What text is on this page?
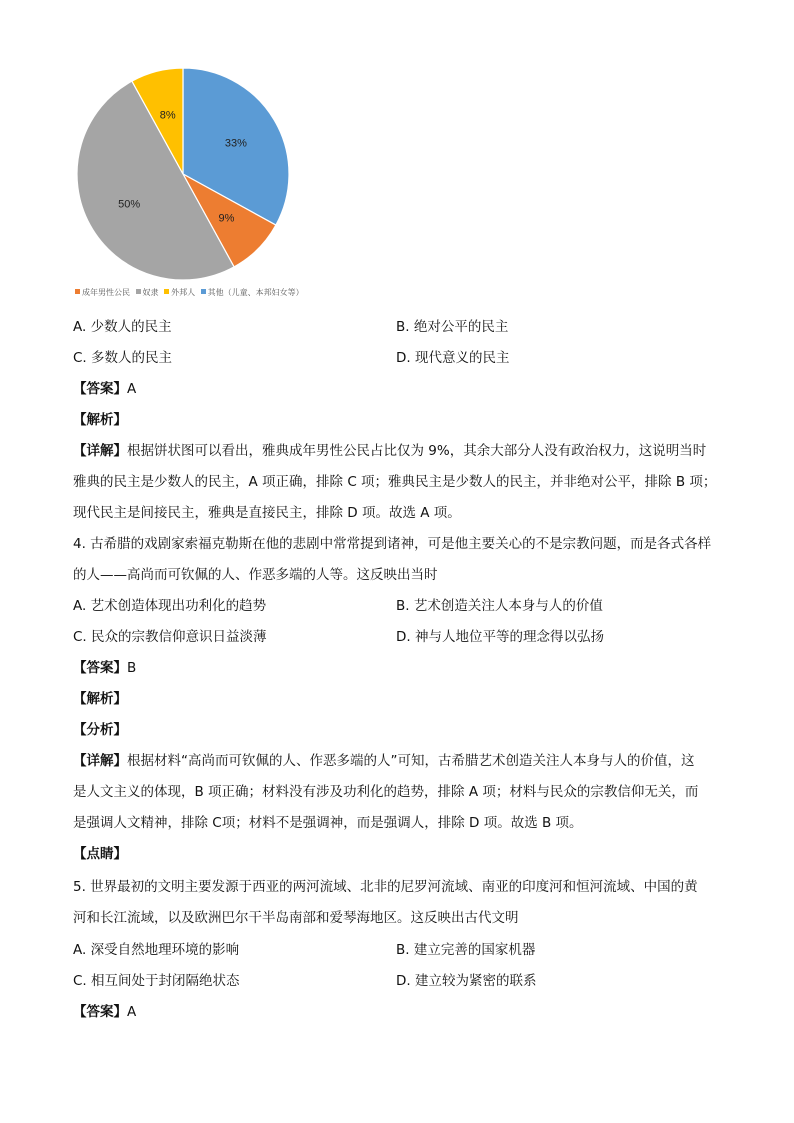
33%
9%
50%
8%
成年男性公民 奴隶 外邦人 其他（儿童、本邦妇女等）
A. 少数人的民主	B. 绝对公平的民主
C. 多数人的民主	D. 现代意义的民主
【答案】A
【解析】
【详解】根据饼状图可以看出，雅典成年男性公民占比仅为 9%，其余大部分人没有政治权力，这说明当时
雅典的民主是少数人的民主，A 项正确，排除 C 项；雅典民主是少数人的民主，并非绝对公平，排除 B 项；
现代民主是间接民主，雅典是直接民主，排除 D 项。故选 A 项。
4. 古希腊的戏剧家索福克勒斯在他的悲剧中常常提到诸神，可是他主要关心的不是宗教问题，而是各式各样
的人——高尚而可钦佩的人、作恶多端的人等。这反映出当时
A. 艺术创造体现出功利化的趋势	B. 艺术创造关注人本身与人的价值
C. 民众的宗教信仰意识日益淡薄	D. 神与人地位平等的理念得以弘扬
【答案】B
【解析】
【分析】
【详解】根据材料“高尚而可钦佩的人、作恶多端的人”可知，古希腊艺术创造关注人本身与人的价值，这
是人文主义的体现，B 项正确；材料没有涉及功利化的趋势，排除 A 项；材料与民众的宗教信仰无关，而
是强调人文精神，排除 C项；材料不是强调神，而是强调人，排除 D 项。故选 B 项。
【点睛】
5. 世界最初的文明主要发源于西亚的两河流域、北非的尼罗河流域、南亚的印度河和恒河流域、中国的黄
河和长江流域，以及欧洲巴尔干半岛南部和爱琴海地区。这反映出古代文明
A. 深受自然地理环境的影响	B. 建立完善的国家机器
C. 相互间处于封闭隔绝状态	D. 建立较为紧密的联系
【答案】A
